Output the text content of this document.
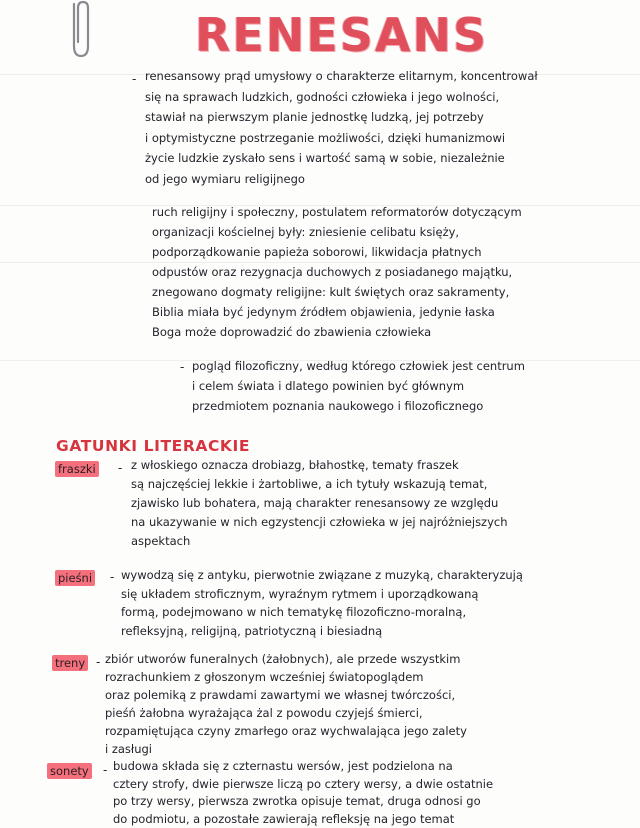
RENESANS
- renesansowy prąd umysłowy o charakterze elitarnym, koncentrował
się na sprawach ludzkich, godności człowieka i jego wolności,
stawiał na pierwszym planie jednostkę ludzką, jej potrzeby
i optymistyczne postrzeganie możliwości, dzięki humanizmowi
życie ludzkie zyskało sens i wartość samą w sobie, niezależnie
od jego wymiaru religijnego
ruch religijny i społeczny, postulatem reformatorów dotyczącym
organizacji kościelnej były: zniesienie celibatu księży,
podporządkowanie papieża soborowi, likwidacja płatnych
odpustów oraz rezygnacja duchowych z posiadanego majątku,
znegowano dogmaty religijne: kult świętych oraz sakramenty,
Biblia miała być jedynym źródłem objawienia, jedynie łaska
Boga może doprowadzić do zbawienia człowieka
- pogląd filozoficzny, według którego człowiek jest centrum
i celem świata i dlatego powinien być głównym
przedmiotem poznania naukowego i filozoficznego
GATUNKI LITERACKIE
fraszki - z włoskiego oznacza drobiazg, błahostkę, tematy fraszek
są najczęściej lekkie i żartobliwe, a ich tytuły wskazują temat,
zjawisko lub bohatera, mają charakter renesansowy ze względu
na ukazywanie w nich egzystencji człowieka w jej najróżniejszych
aspektach
pieśni - wywodzą się z antyku, pierwotnie związane z muzyką, charakteryzują
się układem stroficznym, wyraźnym rytmem i uporządkowaną
formą, podejmowano w nich tematykę filozoficzno-moralną,
refleksyjną, religijną, patriotyczną i biesiadną
treny - zbiór utworów funeralnych (żałobnych), ale przede wszystkim
rozrachunkiem z głoszonym wcześniej światopoglądem
oraz polemiką z prawdami zawartymi we własnej twórczości,
pieśń żałobna wyrażająca żal z powodu czyjejś śmierci,
rozpamiętująca czyny zmarłego oraz wychwalająca jego zalety
i zasługi
sonety - budowa składa się z czternastu wersów, jest podzielona na
cztery strofy, dwie pierwsze liczą po cztery wersy, a dwie ostatnie
po trzy wersy, pierwsza zwrotka opisuje temat, druga odnosi go
do podmiotu, a pozostałe zawierają refleksję na jego temat
